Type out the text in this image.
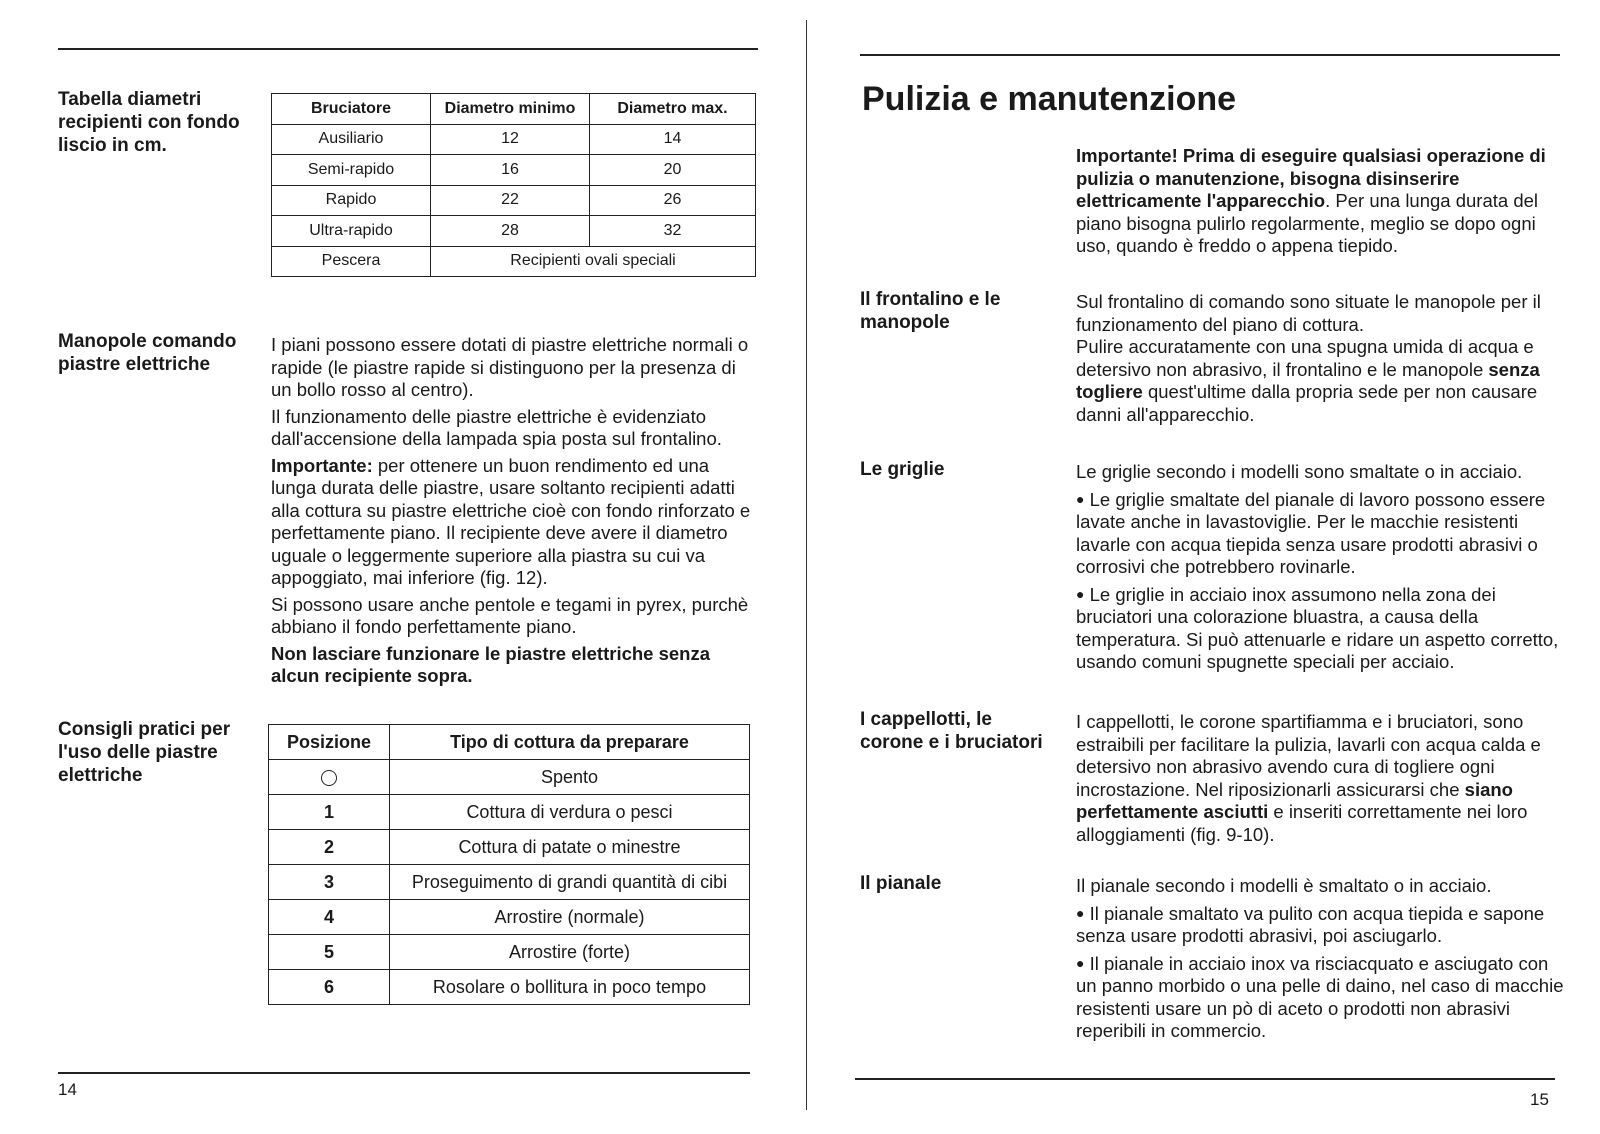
Tabella diametri recipienti con fondo liscio in cm.
Bruciatore	Diametro minimo	Diametro max.
Ausiliario	12	14
Semi-rapido	16	20
Rapido	22	26
Ultra-rapido	28	32
Pescera	Recipienti ovali speciali	
Manopole comando piastre elettriche

I piani possono essere dotati di piastre elettriche normali o rapide (le piastre rapide si distinguono per la presenza di un bollo rosso al centro).

Il funzionamento delle piastre elettriche è evidenziato dall'accensione della lampada spia posta sul frontalino.

Importante: per ottenere un buon rendimento ed una lunga durata delle piastre, usare soltanto recipienti adatti alla cottura su piastre elettriche cioè con fondo rinforzato e perfettamente piano. Il recipiente deve avere il diametro uguale o leggermente superiore alla piastra su cui va appoggiato, mai inferiore (fig. 12).

Si possono usare anche pentole e tegami in pyrex, purchè abbiano il fondo perfettamente piano.

Non lasciare funzionare le piastre elettriche senza alcun recipiente sopra.

Consigli pratici per l'uso delle piastre elettriche
Posizione	Tipo di cottura da preparare
	Spento
1	Cottura di verdura o pesci
2	Cottura di patate o minestre
3	Proseguimento di grandi quantità di cibi
4	Arrostire (normale)
5	Arrostire (forte)
6	Rosolare o bollitura in poco tempo
14
Pulizia e manutenzione

Importante! Prima di eseguire qualsiasi operazione di pulizia o manutenzione, bisogna disinserire elettricamente l'apparecchio. Per una lunga durata del piano bisogna pulirlo regolarmente, meglio se dopo ogni uso, quando è freddo o appena tiepido.

Il frontalino e le manopole

Sul frontalino di comando sono situate le manopole per il funzionamento del piano di cottura.

Pulire accuratamente con una spugna umida di acqua e detersivo non abrasivo, il frontalino e le manopole senza togliere quest'ultime dalla propria sede per non causare danni all'apparecchio.

Le griglie	Le griglie secondo i modelli sono smaltate o in acciaio.

● Le griglie smaltate del pianale di lavoro possono essere lavate anche in lavastoviglie. Per le macchie resistenti lavarle con acqua tiepida senza usare prodotti abrasivi o corrosivi che potrebbero rovinarle.

● Le griglie in acciaio inox assumono nella zona dei bruciatori una colorazione bluastra, a causa della temperatura. Si può attenuarle e ridare un aspetto corretto, usando comuni spugnette speciali per acciaio.

I cappellotti, le corone e i bruciatori

I cappellotti, le corone spartifiamma e i bruciatori, sono estraibili per facilitare la pulizia, lavarli con acqua calda e detersivo non abrasivo avendo cura di togliere ogni incrostazione. Nel riposizionarli assicurarsi che siano perfettamente asciutti e inseriti correttamente nei loro alloggiamenti (fig. 9-10).

Il pianale	Il pianale secondo i modelli è smaltato o in acciaio.

● Il pianale smaltato va pulito con acqua tiepida e sapone senza usare prodotti abrasivi, poi asciugarlo.

● Il pianale in acciaio inox va risciacquato e asciugato con un panno morbido o una pelle di daino, nel caso di macchie resistenti usare un pò di aceto o prodotti non abrasivi reperibili in commercio.

15
